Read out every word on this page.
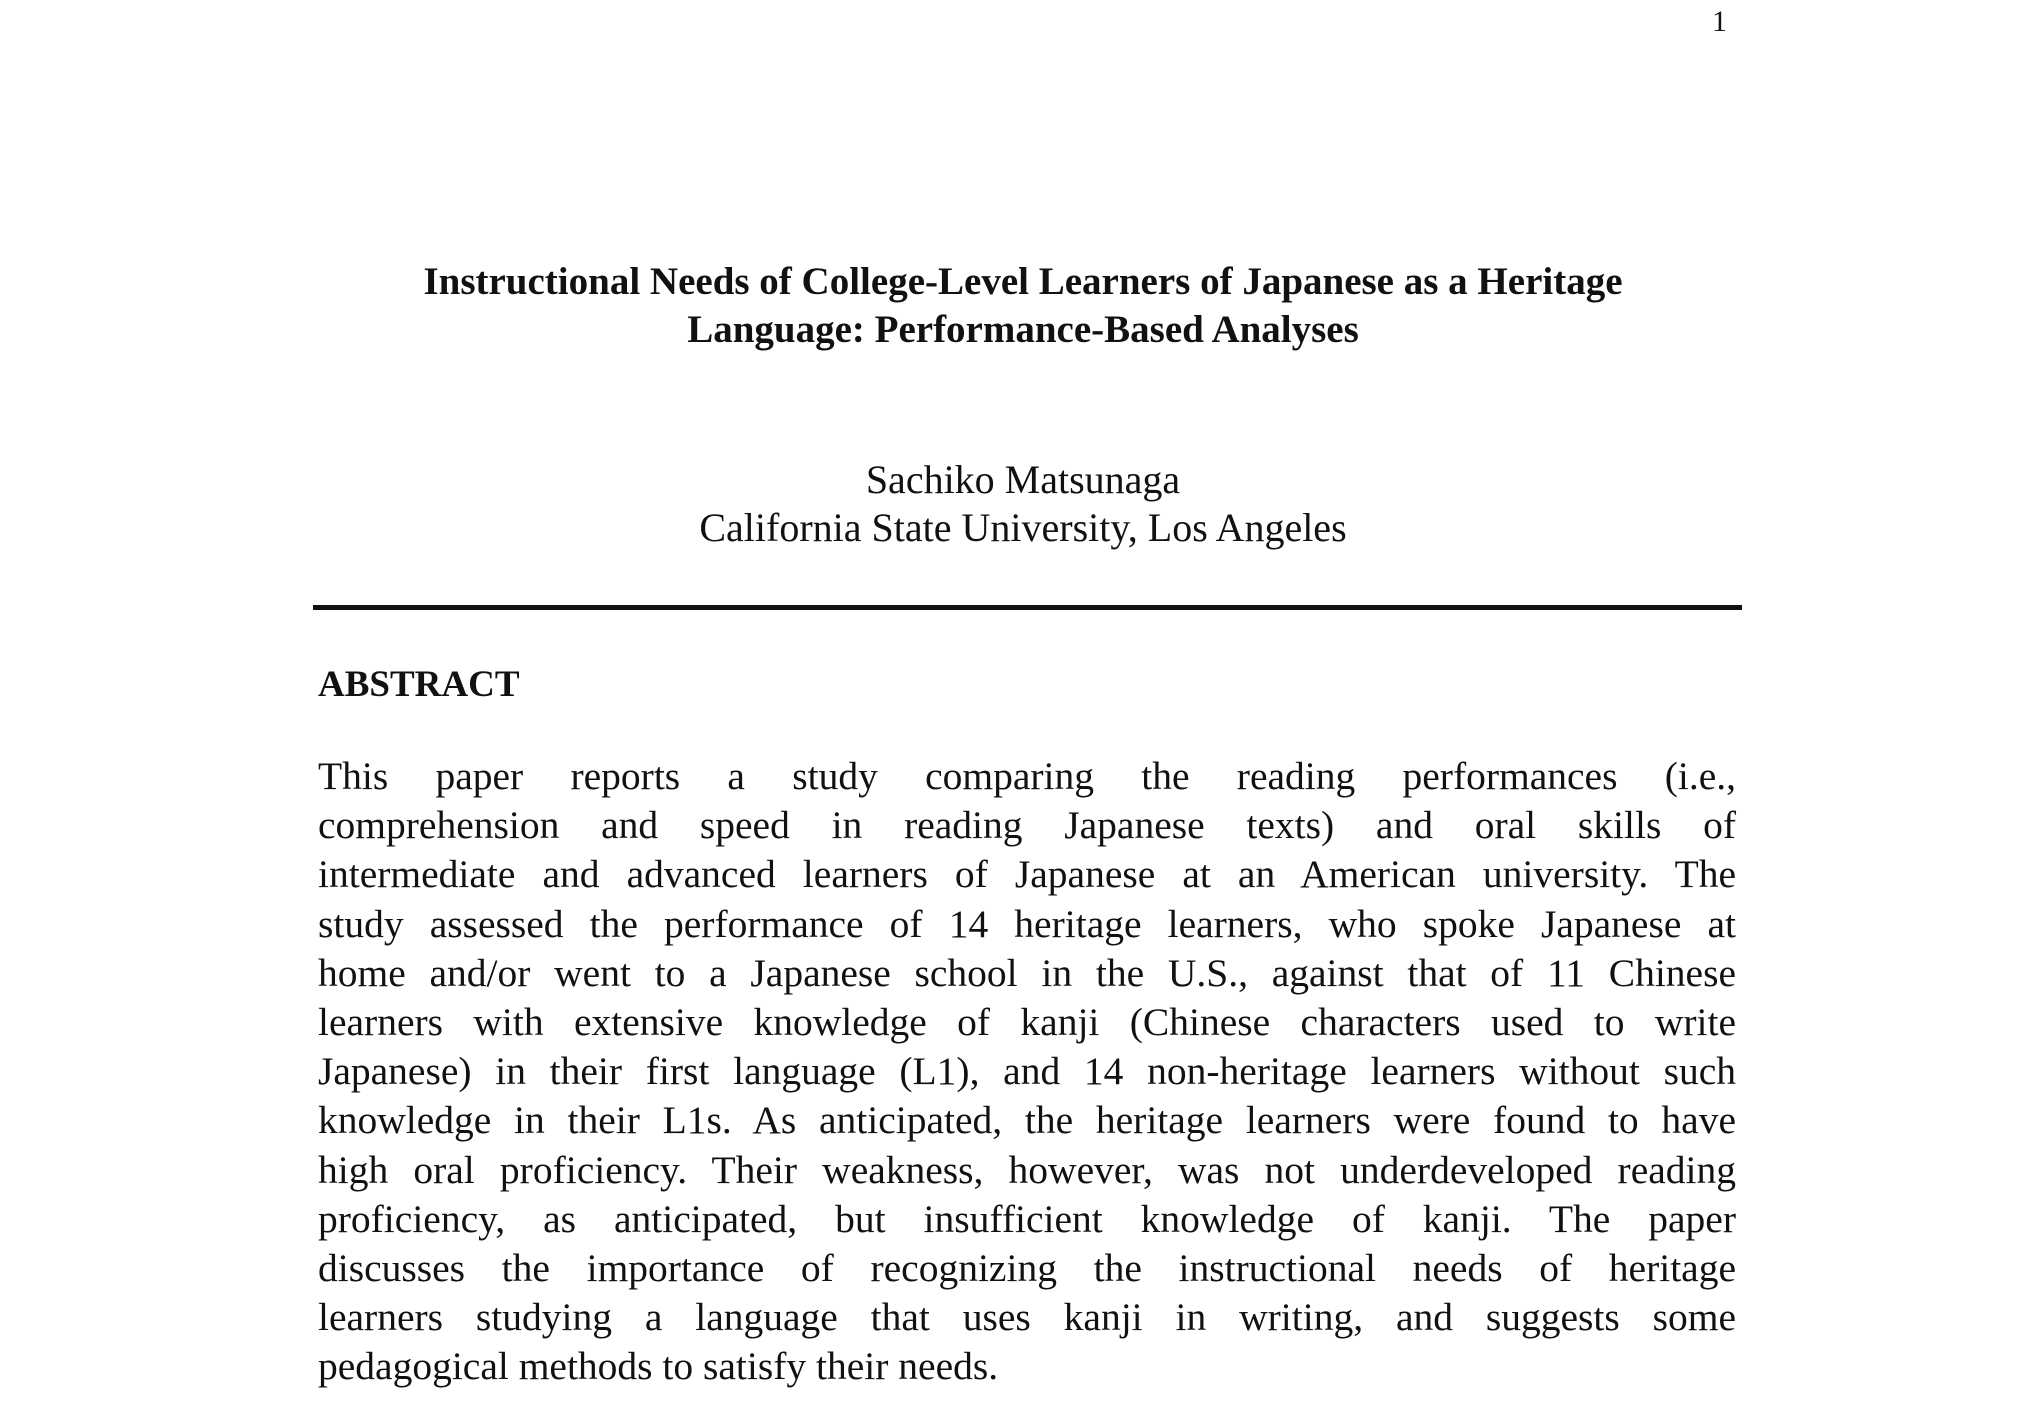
1
Instructional Needs of College-Level Learners of Japanese as a Heritage
Language: Performance-Based Analyses
Sachiko Matsunaga
California State University, Los Angeles
ABSTRACT
This paper reports a study comparing the reading performances (i.e.,
comprehension and speed in reading Japanese texts) and oral skills of
intermediate and advanced learners of Japanese at an American university. The
study assessed the performance of 14 heritage learners, who spoke Japanese at
home and/or went to a Japanese school in the U.S., against that of 11 Chinese
learners with extensive knowledge of kanji (Chinese characters used to write
Japanese) in their first language (L1), and 14 non-heritage learners without such
knowledge in their L1s. As anticipated, the heritage learners were found to have
high oral proficiency. Their weakness, however, was not underdeveloped reading
proficiency, as anticipated, but insufficient knowledge of kanji. The paper
discusses the importance of recognizing the instructional needs of heritage
learners studying a language that uses kanji in writing, and suggests some
pedagogical methods to satisfy their needs.
